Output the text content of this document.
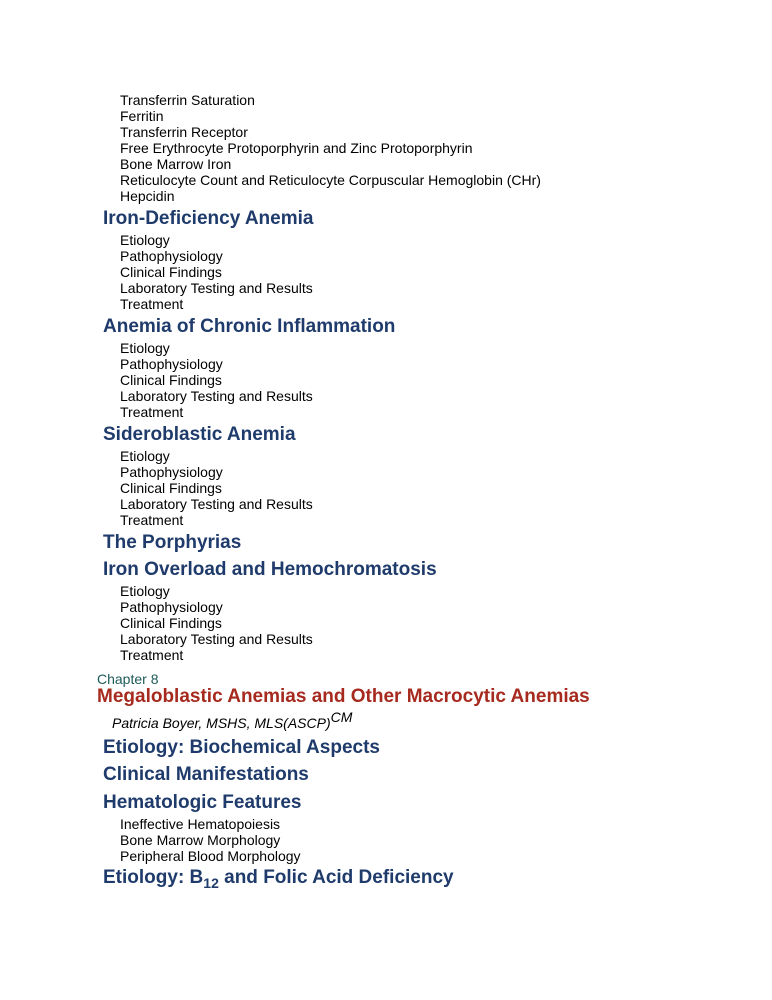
Transferrin Saturation
Ferritin
Transferrin Receptor
Free Erythrocyte Protoporphyrin and Zinc Protoporphyrin
Bone Marrow Iron
Reticulocyte Count and Reticulocyte Corpuscular Hemoglobin (CHr)
Hepcidin
Iron-Deficiency Anemia
Etiology
Pathophysiology
Clinical Findings
Laboratory Testing and Results
Treatment
Anemia of Chronic Inflammation
Etiology
Pathophysiology
Clinical Findings
Laboratory Testing and Results
Treatment
Sideroblastic Anemia
Etiology
Pathophysiology
Clinical Findings
Laboratory Testing and Results
Treatment
The Porphyrias
Iron Overload and Hemochromatosis
Etiology
Pathophysiology
Clinical Findings
Laboratory Testing and Results
Treatment
Chapter 8
Megaloblastic Anemias and Other Macrocytic Anemias
Patricia Boyer, MSHS, MLS(ASCP)$^{CM}$
Etiology: Biochemical Aspects
Clinical Manifestations
Hematologic Features
Ineffective Hematopoiesis
Bone Marrow Morphology
Peripheral Blood Morphology
Etiology: $B_{12}$ and Folic Acid Deficiency
